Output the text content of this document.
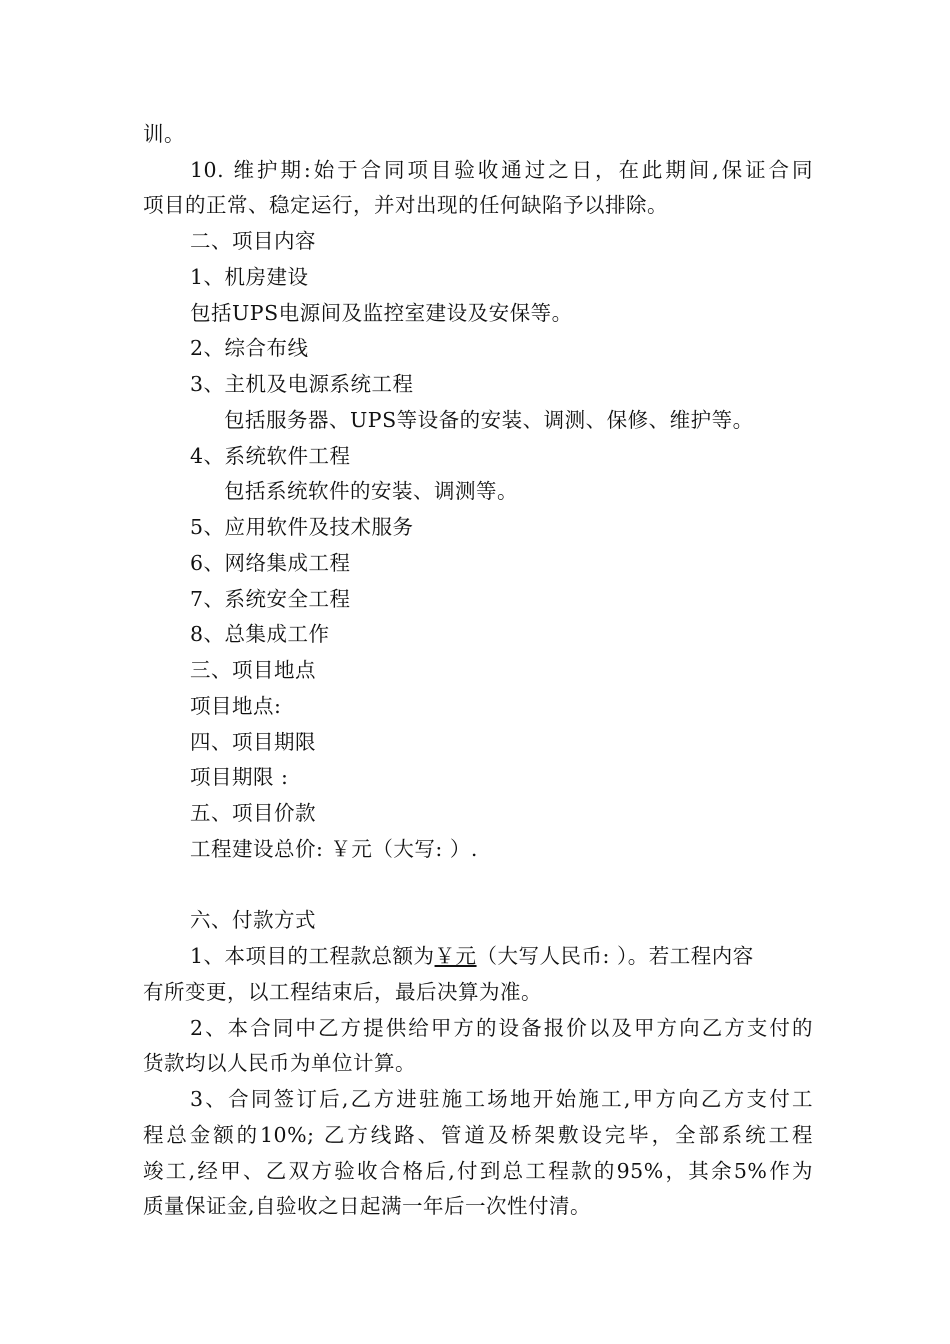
训。
10. 维护期:始于合同项目验收通过之日，在此期间,保证合同
项目的正常、稳定运行，并对出现的任何缺陷予以排除。
二、项目内容
1、机房建设
包括UPS电源间及监控室建设及安保等。
2、综合布线
3、主机及电源系统工程
包括服务器、UPS等设备的安装、调测、保修、维护等。
4、系统软件工程
包括系统软件的安装、调测等。
5、应用软件及技术服务
6、网络集成工程
7、系统安全工程
8、总集成工作
三、项目地点
项目地点:
四、项目期限
项目期限 :
五、项目价款
工程建设总价: ￥元（大写: ）.
六、付款方式
1、本项目的工程款总额为￥元（大写人民币: ）。若工程内容
有所变更，以工程结束后，最后决算为准。
2、本合同中乙方提供给甲方的设备报价以及甲方向乙方支付的
货款均以人民币为单位计算。
3、合同签订后,乙方进驻施工场地开始施工,甲方向乙方支付工
程总金额的10%; 乙方线路、管道及桥架敷设完毕，全部系统工程
竣工,经甲、乙双方验收合格后,付到总工程款的95%，其余5%作为
质量保证金,自验收之日起满一年后一次性付清。
